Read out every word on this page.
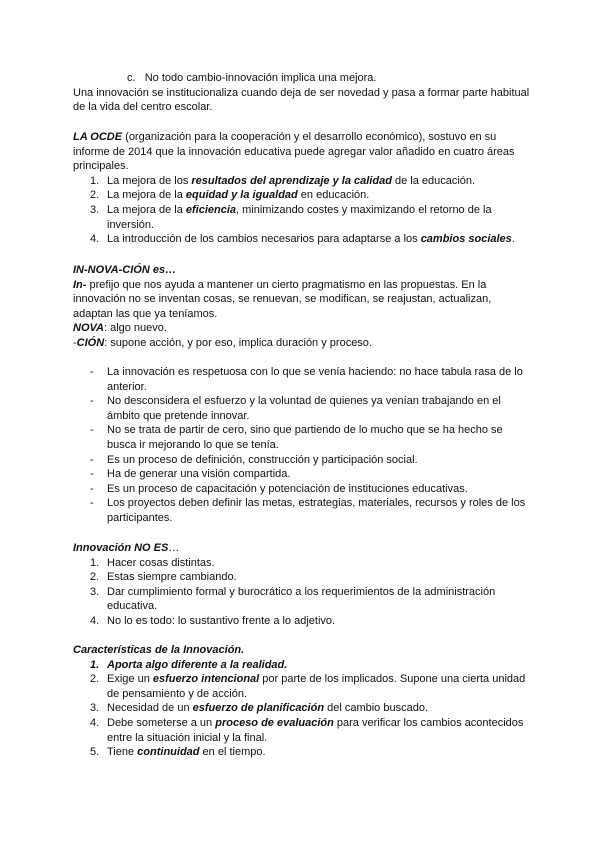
c. No todo cambio-innovación implica una mejora.

Una innovación se institucionaliza cuando deja de ser novedad y pasa a formar parte habitual de la vida del centro escolar.

LA OCDE (organización para la cooperación y el desarrollo económico), sostuvo en su informe de 2014 que la innovación educativa puede agregar valor añadido en cuatro áreas principales.

1. La mejora de los resultados del aprendizaje y la calidad de la educación.
2. La mejora de la equidad y la igualdad en educación.
3. La mejora de la eficiencia, minimizando costes y maximizando el retorno de la inversión.
4. La introducción de los cambios necesarios para adaptarse a los cambios sociales.

IN-NOVA-CIÓN es…

In- prefijo que nos ayuda a mantener un cierto pragmatismo en las propuestas. En la innovación no se inventan cosas, se renuevan, se modifican, se reajustan, actualizan, adaptan las que ya teníamos.

NOVA: algo nuevo.

-CIÓN: supone acción, y por eso, implica duración y proceso.

- La innovación es respetuosa con lo que se venía haciendo: no hace tabula rasa de lo anterior.
- No desconsidera el esfuerzo y la voluntad de quienes ya venían trabajando en el ámbito que pretende innovar.
- No se trata de partir de cero, sino que partiendo de lo mucho que se ha hecho se busca ir mejorando lo que se tenía.
- Es un proceso de definición, construcción y participación social.
- Ha de generar una visión compartida.
- Es un proceso de capacitación y potenciación de instituciones educativas.
- Los proyectos deben definir las metas, estrategias, materiales, recursos y roles de los participantes.

Innovación NO ES…

1. Hacer cosas distintas.
2. Estas siempre cambiando.
3. Dar cumplimiento formal y burocrático a los requerimientos de la administración educativa.
4. No lo es todo: lo sustantivo frente a lo adjetivo.

Características de la Innovación.

1. Aporta algo diferente a la realidad.
2. Exige un esfuerzo intencional por parte de los implicados. Supone una cierta unidad de pensamiento y de acción.
3. Necesidad de un esfuerzo de planificación del cambio buscado.
4. Debe someterse a un proceso de evaluación para verificar los cambios acontecidos entre la situación inicial y la final.
5. Tiene continuidad en el tiempo.
